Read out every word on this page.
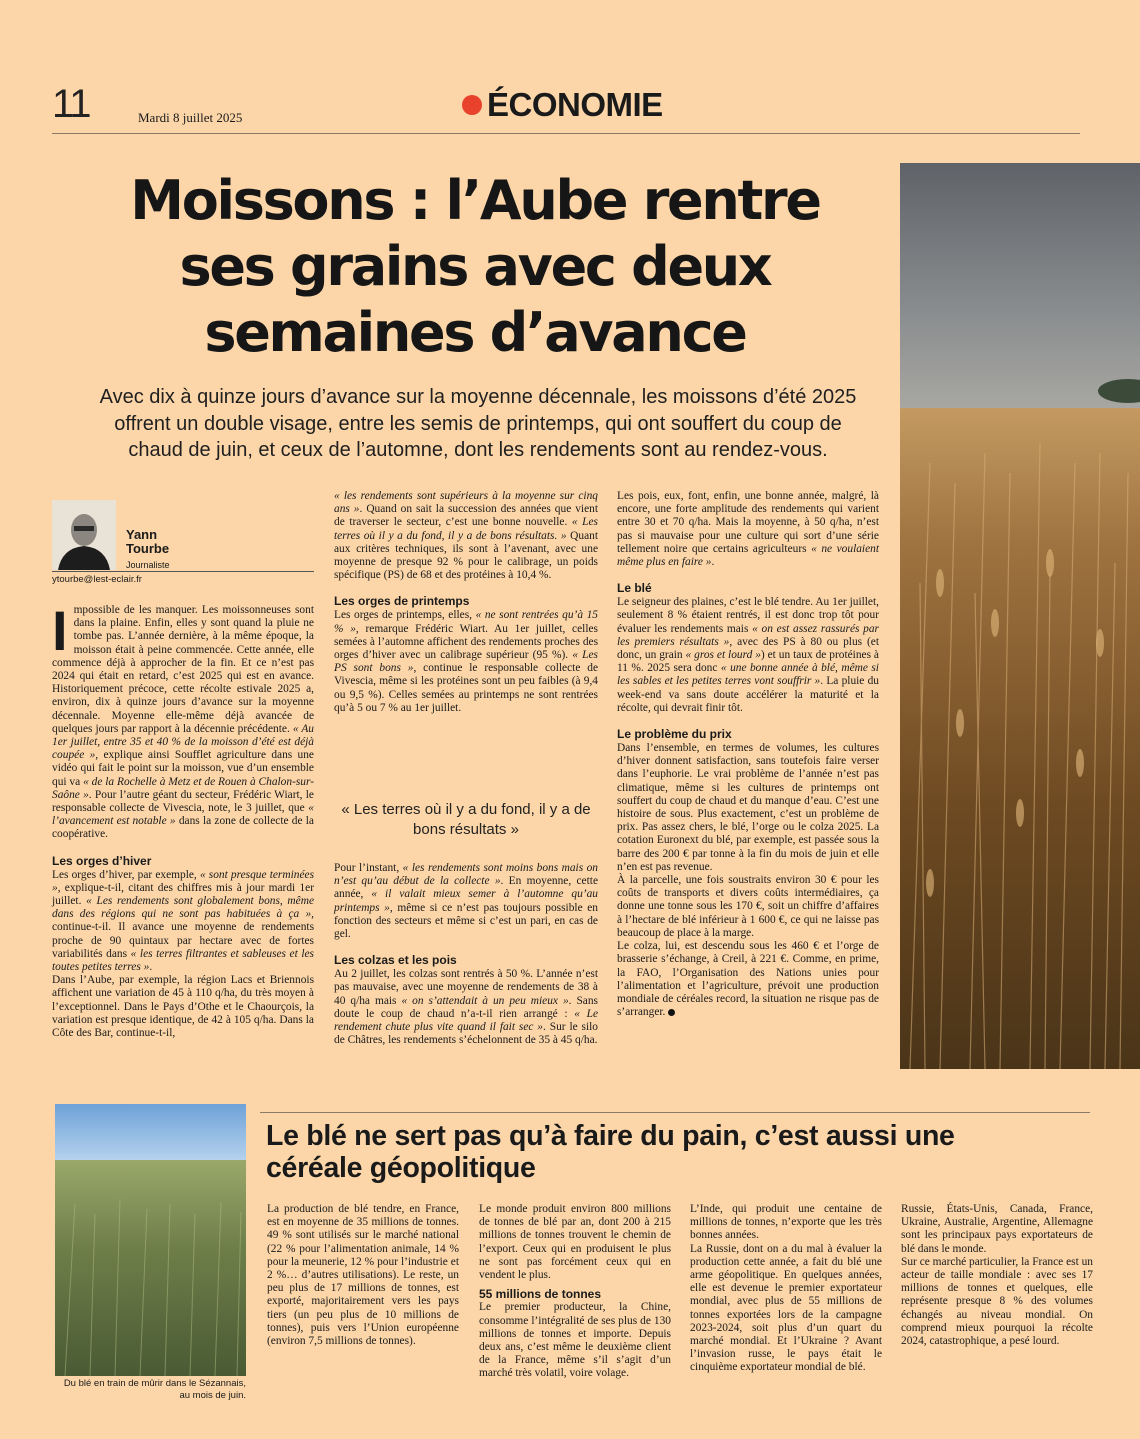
11	Mardi 8 juillet 2025	ÉCONOMIE
Moissons : l’Aube rentre ses grains avec deux semaines d’avance

Avec dix à quinze jours d’avance sur la moyenne décennale, les moissons d’été 2025 offrent un double visage, entre les semis de printemps, qui ont souffert du coup de chaud de juin, et ceux de l’automne, dont les rendements sont au rendez-vous.

Yann
Tourbe
Journaliste
ytourbe@lest-eclair.fr

Impossible de les manquer. Les moissonneuses sont dans la plaine. Enfin, elles y sont quand la pluie ne tombe pas. L’année dernière, à la même époque, la moisson était à peine commencée. Cette année, elle commence déjà à approcher de la fin. Et ce n’est pas 2024 qui était en retard, c’est 2025 qui est en avance. Historiquement précoce, cette récolte estivale 2025 a, environ, dix à quinze jours d’avance sur la moyenne décennale. Moyenne elle-même déjà avancée de quelques jours par rapport à la décennie précédente. « Au 1er juillet, entre 35 et 40 % de la moisson d’été est déjà coupée », explique ainsi Soufflet agriculture dans une vidéo qui fait le point sur la moisson, vue d’un ensemble qui va « de la Rochelle à Metz et de Rouen à Chalon-sur-Saône ». Pour l’autre géant du secteur, Frédéric Wiart, le responsable collecte de Vivescia, note, le 3 juillet, que « l’avancement est notable » dans la zone de collecte de la coopérative.

Les orges d’hiver

Les orges d’hiver, par exemple, « sont presque terminées », explique-t-il, citant des chiffres mis à jour mardi 1er juillet. « Les rendements sont globalement bons, même dans des régions qui ne sont pas habituées à ça », continue-t-il. Il avance une moyenne de rendements proche de 90 quintaux par hectare avec de fortes variabilités dans « les terres filtrantes et sableuses et les toutes petites terres ».

Dans l’Aube, par exemple, la région Lacs et Briennois affichent une variation de 45 à 110 q/ha, du très moyen à l’exceptionnel. Dans le Pays d’Othe et le Chaourçois, la variation est presque identique, de 42 à 105 q/ha. Dans la Côte des Bar, continue-t-il,

« les rendements sont supérieurs à la moyenne sur cinq ans ». Quand on sait la succession des années que vient de traverser le secteur, c’est une bonne nouvelle. « Les terres où il y a du fond, il y a de bons résultats. » Quant aux critères techniques, ils sont à l’avenant, avec une moyenne de presque 92 % pour le calibrage, un poids spécifique (PS) de 68 et des protéines à 10,4 %.

Les orges de printemps

Les orges de printemps, elles, « ne sont rentrées qu’à 15 % », remarque Frédéric Wiart. Au 1er juillet, celles semées à l’automne affichent des rendements proches des orges d’hiver avec un calibrage supérieur (95 %). « Les PS sont bons », continue le responsable collecte de Vivescia, même si les protéines sont un peu faibles (à 9,4 ou 9,5 %). Celles semées au printemps ne sont rentrées qu’à 5 ou 7 % au 1er juillet.

« Les terres où il y a du fond, il y a de bons résultats »

Pour l’instant, « les rendements sont moins bons mais on n’est qu’au début de la collecte ». En moyenne, cette année, « il valait mieux semer à l’automne qu’au printemps », même si ce n’est pas toujours possible en fonction des secteurs et même si c’est un pari, en cas de gel.

Les colzas et les pois

Au 2 juillet, les colzas sont rentrés à 50 %. L’année n’est pas mauvaise, avec une moyenne de rendements de 38 à 40 q/ha mais « on s’attendait à un peu mieux ». Sans doute le coup de chaud n’a-t-il rien arrangé : « Le rendement chute plus vite quand il fait sec ». Sur le silo de Châtres, les rendements s’échelonnent de 35 à 45 q/ha.

Les pois, eux, font, enfin, une bonne année, malgré, là encore, une forte amplitude des rendements qui varient entre 30 et 70 q/ha. Mais la moyenne, à 50 q/ha, n’est pas si mauvaise pour une culture qui sort d’une série tellement noire que certains agriculteurs « ne voulaient même plus en faire ».

Le blé

Le seigneur des plaines, c’est le blé tendre. Au 1er juillet, seulement 8 % étaient rentrés, il est donc trop tôt pour évaluer les rendements mais « on est assez rassurés par les premiers résultats », avec des PS à 80 ou plus (et donc, un grain « gros et lourd ») et un taux de protéines à 11 %. 2025 sera donc « une bonne année à blé, même si les sables et les petites terres vont souffrir ». La pluie du week-end va sans doute accélérer la maturité et la récolte, qui devrait finir tôt.

Le problème du prix

Dans l’ensemble, en termes de volumes, les cultures d’hiver donnent satisfaction, sans toutefois faire verser dans l’euphorie. Le vrai problème de l’année n’est pas climatique, même si les cultures de printemps ont souffert du coup de chaud et du manque d’eau. C’est une histoire de sous. Plus exactement, c’est un problème de prix. Pas assez chers, le blé, l’orge ou le colza 2025. La cotation Euronext du blé, par exemple, est passée sous la barre des 200 € par tonne à la fin du mois de juin et elle n’en est pas revenue.

À la parcelle, une fois soustraits environ 30 € pour les coûts de transports et divers coûts intermédiaires, ça donne une tonne sous les 170 €, soit un chiffre d’affaires à l’hectare de blé inférieur à 1 600 €, ce qui ne laisse pas beaucoup de place à la marge.

Le colza, lui, est descendu sous les 460 € et l’orge de brasserie s’échange, à Creil, à 221 €. Comme, en prime, la FAO, l’Organisation des Nations unies pour l’alimentation et l’agriculture, prévoit une production mondiale de céréales record, la situation ne risque pas de s’arranger.

Du blé en train de mûrir dans le Sézannais, au mois de juin.
Le blé ne sert pas qu’à faire du pain, c’est aussi une céréale géopolitique

La production de blé tendre, en France, est en moyenne de 35 millions de tonnes. 49 % sont utilisés sur le marché national (22 % pour l’alimentation animale, 14 % pour la meunerie, 12 % pour l’industrie et 2 %… d’autres utilisations). Le reste, un peu plus de 17 millions de tonnes, est exporté, majoritairement vers les pays tiers (un peu plus de 10 millions de tonnes), puis vers l’Union européenne (environ 7,5 millions de tonnes).

Le monde produit environ 800 millions de tonnes de blé par an, dont 200 à 215 millions de tonnes trouvent le chemin de l’export. Ceux qui en produisent le plus ne sont pas forcément ceux qui en vendent le plus.

55 millions de tonnes

Le premier producteur, la Chine, consomme l’intégralité de ses plus de 130 millions de tonnes et importe. Depuis deux ans, c’est même le deuxième client de la France, même s’il s’agit d’un marché très volatil, voire volage.

L’Inde, qui produit une centaine de millions de tonnes, n’exporte que les très bonnes années.

La Russie, dont on a du mal à évaluer la production cette année, a fait du blé une arme géopolitique. En quelques années, elle est devenue le premier exportateur mondial, avec plus de 55 millions de tonnes exportées lors de la campagne 2023-2024, soit plus d’un quart du marché mondial. Et l’Ukraine ? Avant l’invasion russe, le pays était le cinquième exportateur mondial de blé.

Russie, États-Unis, Canada, France, Ukraine, Australie, Argentine, Allemagne sont les principaux pays exportateurs de blé dans le monde.

Sur ce marché particulier, la France est un acteur de taille mondiale : avec ses 17 millions de tonnes et quelques, elle représente presque 8 % des volumes échangés au niveau mondial. On comprend mieux pourquoi la récolte 2024, catastrophique, a pesé lourd.
